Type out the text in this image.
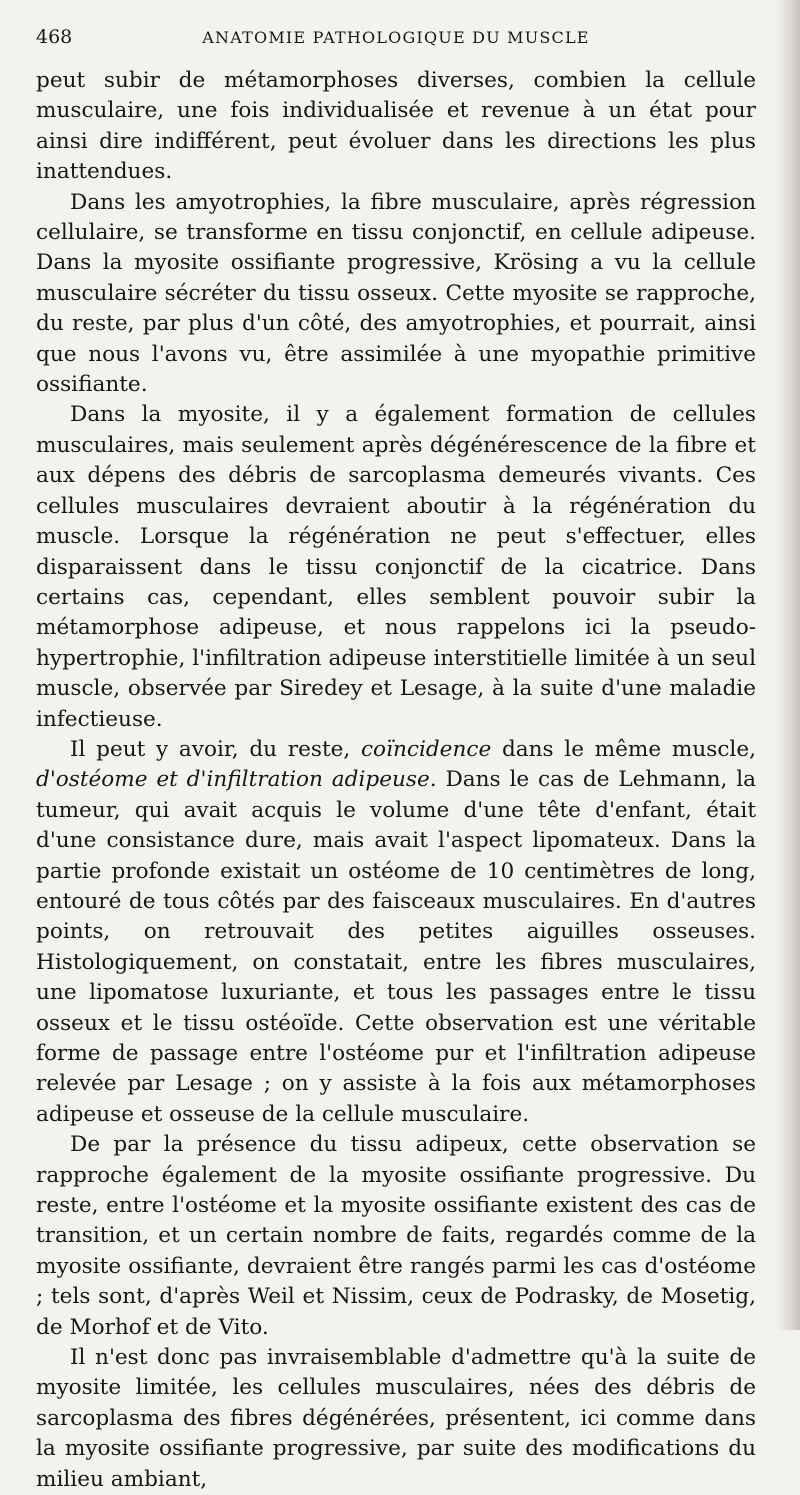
468	ANATOMIE PATHOLOGIQUE DU MUSCLE

peut subir de métamorphoses diverses, combien la cellule musculaire, une fois individualisée et revenue à un état pour ainsi dire indifférent, peut évoluer dans les directions les plus inattendues.

Dans les amyotrophies, la fibre musculaire, après régression cellulaire, se transforme en tissu conjonctif, en cellule adipeuse. Dans la myosite ossifiante progressive, Krösing a vu la cellule musculaire sécréter du tissu osseux. Cette myosite se rapproche, du reste, par plus d'un côté, des amyotrophies, et pourrait, ainsi que nous l'avons vu, être assimilée à une myopathie primitive ossifiante.

Dans la myosite, il y a également formation de cellules musculaires, mais seulement après dégénérescence de la fibre et aux dépens des débris de sarcoplasma demeurés vivants. Ces cellules musculaires devraient aboutir à la régénération du muscle. Lorsque la régénération ne peut s'effectuer, elles disparaissent dans le tissu conjonctif de la cicatrice. Dans certains cas, cependant, elles semblent pouvoir subir la métamorphose adipeuse, et nous rappelons ici la pseudo-hypertrophie, l'infiltration adipeuse interstitielle limitée à un seul muscle, observée par Siredey et Lesage, à la suite d'une maladie infectieuse.

Il peut y avoir, du reste, coïncidence dans le même muscle, d'ostéome et d'infiltration adipeuse. Dans le cas de Lehmann, la tumeur, qui avait acquis le volume d'une tête d'enfant, était d'une consistance dure, mais avait l'aspect lipomateux. Dans la partie profonde existait un ostéome de 10 centimètres de long, entouré de tous côtés par des faisceaux musculaires. En d'autres points, on retrouvait des petites aiguilles osseuses. Histologiquement, on constatait, entre les fibres musculaires, une lipomatose luxuriante, et tous les passages entre le tissu osseux et le tissu ostéoïde. Cette observation est une véritable forme de passage entre l'ostéome pur et l'infiltration adipeuse relevée par Lesage ; on y assiste à la fois aux métamorphoses adipeuse et osseuse de la cellule musculaire.

De par la présence du tissu adipeux, cette observation se rapproche également de la myosite ossifiante progressive. Du reste, entre l'ostéome et la myosite ossifiante existent des cas de transition, et un certain nombre de faits, regardés comme de la myosite ossifiante, devraient être rangés parmi les cas d'ostéome ; tels sont, d'après Weil et Nissim, ceux de Podrasky, de Mosetig, de Morhof et de Vito.

Il n'est donc pas invraisemblable d'admettre qu'à la suite de myosite limitée, les cellules musculaires, nées des débris de sarcoplasma des fibres dégénérées, présentent, ici comme dans la myosite ossifiante progressive, par suite des modifications du milieu ambiant,
